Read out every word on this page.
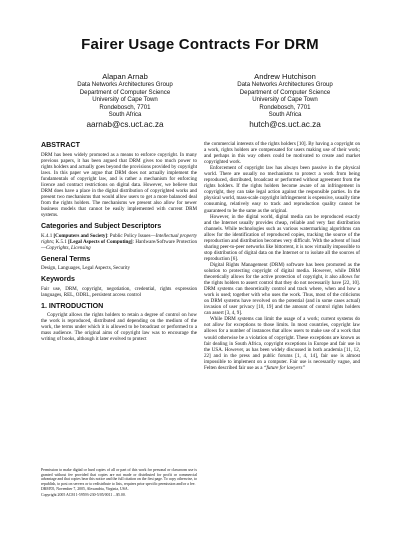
Fairer Usage Contracts For DRM
Alapan Arnab
Data Networks Architectures Group
Department of Computer Science
University of Cape Town
Rondebosch, 7701
South Africa
aarnab@cs.uct.ac.za
Andrew Hutchison
Data Networks Architectures Group
Department of Computer Science
University of Cape Town
Rondebosch, 7701
South Africa
hutch@cs.uct.ac.za
ABSTRACT

DRM has been widely promoted as a means to enforce copyright. In many previous papers, it has been argued that DRM gives too much power to rights holders and actually goes beyond the provisions provided by copyright laws. In this paper we argue that DRM does not actually implement the fundamentals of copyright law, and is rather a mechanism for enforcing licence and contract restrictions on digital data. However, we believe that DRM does have a place in the digital distribution of copyrighted works and present two mechanisms that would allow users to get a more balanced deal from the rights holders. The mechanisms we present also allow for newer business models that cannot be easily implemented with current DRM systems.

Categories and Subject Descriptors

K.4.1 [Computers and Society]: Public Policy Issues—Intellectual property rights; K.5.1 [Legal Aspects of Computing]: Hardware/Software Protection—Copyrights, Licensing

General Terms

Design, Languages, Legal Aspects, Security

Keywords

Fair use, DRM, copyright, negotiation, credential, rights expression languages, REL, ODRL, persistent access control

1. INTRODUCTION

Copyright allows the rights holders to retain a degree of control on how the work is reproduced, distributed and depending on the medium of the work, the terms under which it is allowed to be broadcast or performed to a mass audience. The original aims of copyright law was to encourage the writing of books, although it later evolved to protect

Permission to make digital or hard copies of all or part of this work for personal or classroom use is granted without fee provided that copies are not made or distributed for profit or commercial advantage and that copies bear this notice and the full citation on the first page. To copy otherwise, to republish, to post on servers or to redistribute to lists, requires prior specific permission and/or a fee.

DRM'05, November 7, 2005, Alexandria, Virginia, USA.

Copyright 2005 ACM 1-59593-230-5/05/0011 ...$5.00.

the commercial interests of the rights holders [10]. By having a copyright on a work, rights holders are compensated for users making use of their work; and perhaps in this way others could be motivated to create and market copyrighted work.

Enforcement of copyright law has always been passive in the physical world. There are usually no mechanisms to protect a work from being reproduced, distributed, broadcast or performed without agreement from the rights holders. If the rights holders become aware of an infringement in copyright, they can take legal action against the responsible parties. In the physical world, mass-scale copyright infringement is expensive, usually time consuming, relatively easy to track and reproduction quality cannot be guaranteed to be the same as the original.

However, in the digital world, digital media can be reproduced exactly and the Internet usually provides cheap, reliable and very fast distribution channels. While technologies such as various watermarking algorithms can allow for the identification of reproduced copies, tracking the source of the reproduction and distribution becomes very difficult. With the advent of load sharing peer-to-peer networks like bittorrent, it is now virtually impossible to stop distribution of digital data on the Internet or to isolate all the sources of reproduction [6].

Digital Rights Management (DRM) software has been promoted as the solution to protecting copyright of digital media. However, while DRM theoretically allows for the active protection of copyright, it also allows for the rights holders to assert control that they do not necessarily have [22, 10]. DRM systems can theoretically control and track where, when and how a work is used; together with who uses the work. Thus, most of the criticisms on DRM systems have revolved on the potential (and in some cases actual) invasion of user privacy [10, 19] and the amount of control rights holders can assert [3, 4, 9].

While DRM systems can limit the usage of a work; current systems do not allow for exceptions to those limits. In most countries, copyright law allows for a number of instances that allow users to make use of a work that would otherwise be a violation of copyright. These exceptions are known as fair dealing in South Africa, copyright exceptions in Europe and fair use in the USA. However, as has been widely discussed in both academia [11, 12, 22] and in the press and public forums [1, 4, 14], fair use is almost impossible to implement on a computer. Fair use is necessarily vague, and Felten described fair use as a “future for lawyers”
